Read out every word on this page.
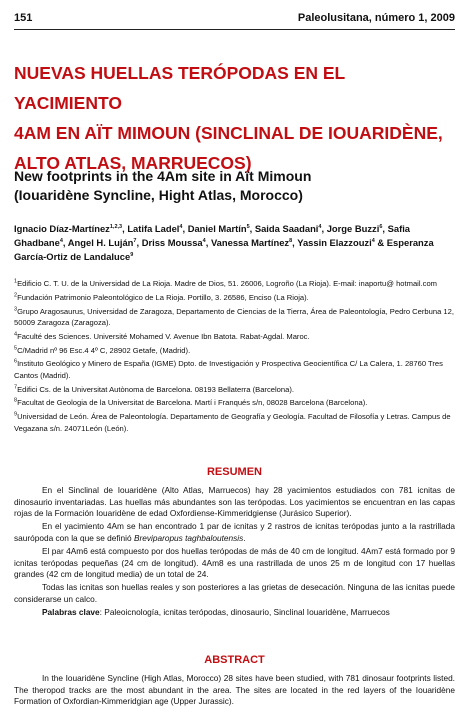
151	Paleolusitana, número 1, 2009
NUEVAS HUELLAS TERÓPODAS EN EL YACIMIENTO
4AM EN AÏT MIMOUN (SINCLINAL DE IOUARIDÈNE,
ALTO ATLAS, MARRUECOS)
New footprints in the 4Am site in Aït Mimoun
(Iouaridène Syncline, Hight Atlas, Morocco)
Ignacio Díaz-Martínez$^{1,2,3}$, Latifa Ladel$^4$, Daniel Martín$^5$, Saida Saadani$^4$, Jorge Buzzi$^6$, Safia Ghadbane$^4$, Angel H. Luján$^7$, Driss Moussa$^4$, Vanessa Martínez$^8$, Yassin Elazzouzi$^4$ & Esperanza García-Ortiz de Landaluce$^9$

$^1$Edificio C. T. U. de la Universidad de La Rioja. Madre de Dios, 51. 26006, Logroño (La Rioja). E-mail: inaportu@ hotmail.com

$^2$Fundación Patrimonio Paleontológico de La Rioja. Portillo, 3. 26586, Enciso (La Rioja).

$^3$Grupo Aragosaurus, Universidad de Zaragoza, Departamento de Ciencias de la Tierra, Área de Paleontología, Pedro Cerbuna 12, 50009 Zaragoza (Zaragoza).

$^4$Faculté des Sciences. Université Mohamed V. Avenue Ibn Batota. Rabat-Agdal. Maroc.

$^5$C/Madrid nº 96 Esc.4 4º C, 28902 Getafe, (Madrid).

$^6$Instituto Geológico y Minero de España (IGME) Dpto. de Investigación y Prospectiva Geocientífica C/ La Calera, 1. 28760 Tres Cantos (Madrid).

$^7$Edifici Cs. de la Universitat Autònoma de Barcelona. 08193 Bellaterra (Barcelona).

$^8$Facultat de Geologia de la Universitat de Barcelona. Martí i Franqués s/n, 08028 Barcelona (Barcelona).

$^9$Universidad de León. Área de Paleontología. Departamento de Geografía y Geología. Facultad de Filosofía y Letras. Campus de Vegazana s/n. 24071León (León).

RESUMEN

En el Sinclinal de Iouaridène (Alto Atlas, Marruecos) hay 28 yacimientos estudiados con 781 icnitas de dinosaurio inventariadas. Las huellas más abundantes son las terópodas. Los yacimientos se encuentran en las capas rojas de la Formación Iouaridène de edad Oxfordiense-Kimmeridgiense (Jurásico Superior).

En el yacimiento 4Am se han encontrado 1 par de icnitas y 2 rastros de icnitas terópodas junto a la rastrillada saurópoda con la que se definió Breviparopus taghbaloutensis.

El par 4Am6 está compuesto por dos huellas terópodas de más de 40 cm de longitud. 4Am7 está formado por 9 icnitas terópodas pequeñas (24 cm de longitud). 4Am8 es una rastrillada de unos 25 m de longitud con 17 huellas grandes (42 cm de longitud media) de un total de 24.

Todas las icnitas son huellas reales y son posteriores a las grietas de desecación. Ninguna de las icnitas puede considerarse un calco.

Palabras clave: Paleoicnología, icnitas terópodas, dinosaurio, Sinclinal Iouaridène, Marruecos

ABSTRACT

In the Iouaridène Syncline (High Atlas, Morocco) 28 sites have been studied, with 781 dinosaur footprints listed. The theropod tracks are the most abundant in the area. The sites are located in the red layers of the Iouaridène Formation of Oxfordian-Kimmeridgian age (Upper Jurassic).
